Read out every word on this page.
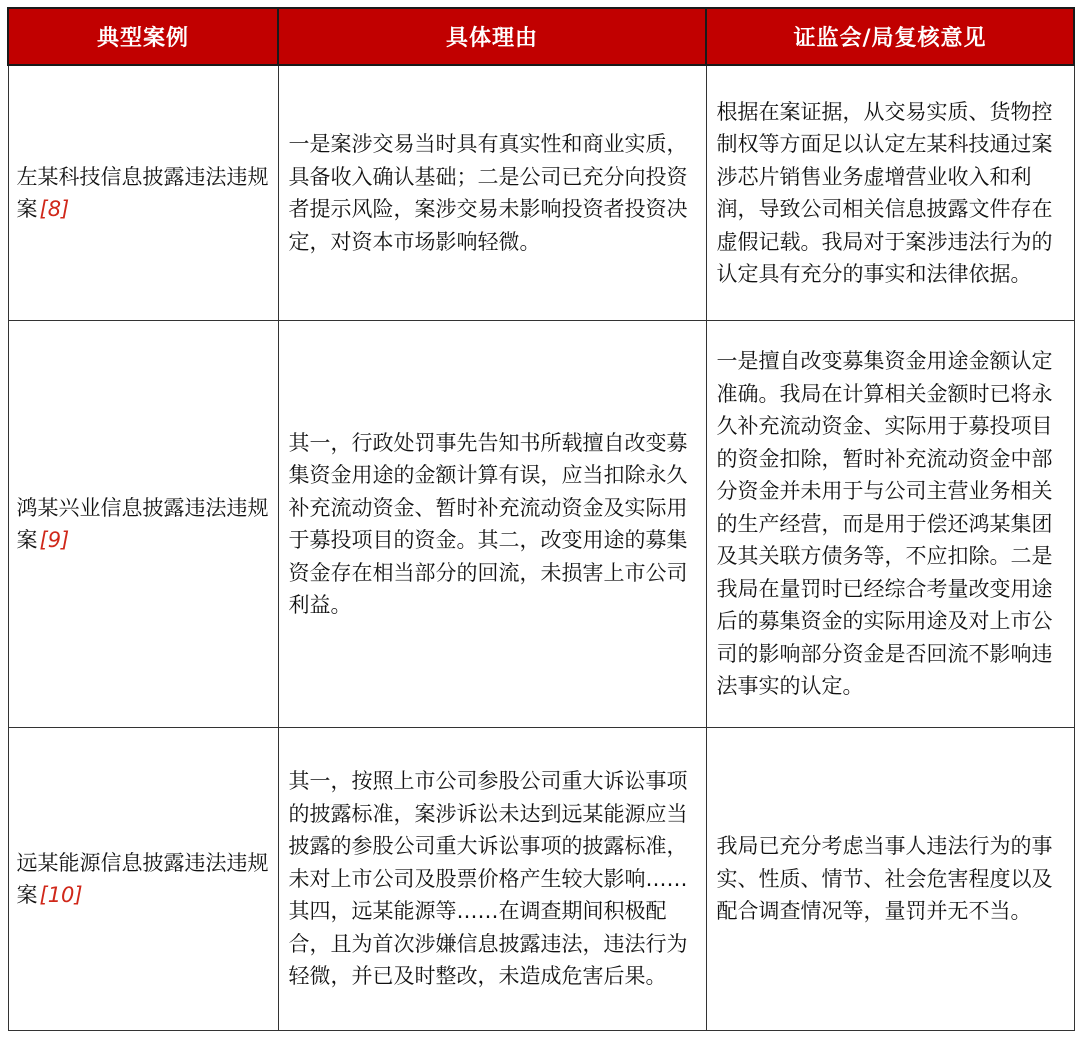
典型案例	具体理由	证监会/局复核意见
左某科技信息披露违法违规案[8]	一是案涉交易当时具有真实性和商业实质，具备收入确认基础；二是公司已充分向投资者提示风险，案涉交易未影响投资者投资决定，对资本市场影响轻微。	根据在案证据，从交易实质、货物控制权等方面足以认定左某科技通过案涉芯片销售业务虚增营业收入和利润，导致公司相关信息披露文件存在虚假记载。我局对于案涉违法行为的认定具有充分的事实和法律依据。
鸿某兴业信息披露违法违规案[9]	其一，行政处罚事先告知书所载擅自改变募集资金用途的金额计算有误，应当扣除永久补充流动资金、暂时补充流动资金及实际用于募投项目的资金。其二，改变用途的募集资金存在相当部分的回流，未损害上市公司利益。	一是擅自改变募集资金用途金额认定准确。我局在计算相关金额时已将永久补充流动资金、实际用于募投项目的资金扣除，暂时补充流动资金中部分资金并未用于与公司主营业务相关的生产经营，而是用于偿还鸿某集团及其关联方债务等，不应扣除。二是我局在量罚时已经综合考量改变用途后的募集资金的实际用途及对上市公司的影响部分资金是否回流不影响违法事实的认定。
远某能源信息披露违法违规案[10]	其一，按照上市公司参股公司重大诉讼事项的披露标准，案涉诉讼未达到远某能源应当披露的参股公司重大诉讼事项的披露标准，未对上市公司及股票价格产生较大影响……其四，远某能源等……在调查期间积极配合，且为首次涉嫌信息披露违法，违法行为轻微，并已及时整改，未造成危害后果。	我局已充分考虑当事人违法行为的事实、性质、情节、社会危害程度以及配合调查情况等，量罚并无不当。
